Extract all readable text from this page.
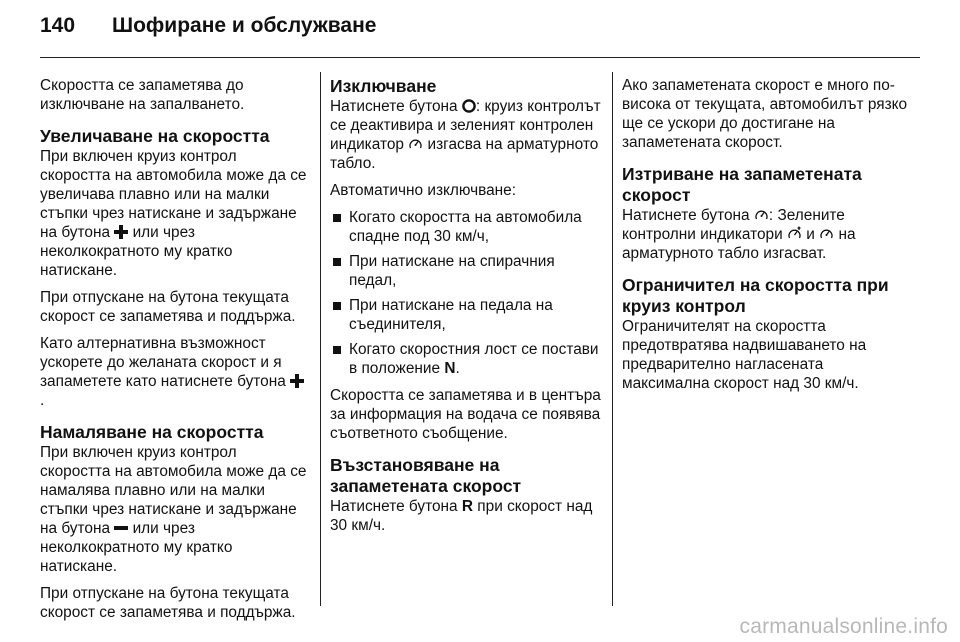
140	Шофиране и обслужване

Скоростта се запаметява до изключване на запалването.

Увеличаване на скоростта

При включен круиз контрол скоростта на автомобила може да се увеличава плавно или на малки стъпки чрез натискане и задържане на бутона или чрез неколкократното му кратко натискане.

При отпускане на бутона текущата скорост се запаметява и поддържа.

Като алтернативна възможност ускорете до желаната скорост и я запаметете като натиснете бутона .

Намаляване на скоростта

При включен круиз контрол скоростта на автомобила може да се намалява плавно или на малки стъпки чрез натискане и задържане на бутона или чрез неколкократното му кратко натискане.

При отпускане на бутона текущата скорост се запаметява и поддържа.

Изключване

Натиснете бутона : круиз контролът се деактивира и зеленият контролен индикатор изгасва на арматурното табло.

Автоматично изключване:

Когато скоростта на автомобила спадне под 30 км/ч,
При натискане на спирачния педал,
При натискане на педала на съединителя,
Когато скоростния лост се постави в положение N.

Скоростта се запаметява и в центъра за информация на водача се появява съответното съобщение.

Възстановяване на запаметената скорост

Натиснете бутона R при скорост над 30 км/ч.

Ако запаметената скорост е много по-висока от текущата, автомобилът рязко ще се ускори до достигане на запаметената скорост.

Изтриване на запаметената скорост

Натиснете бутона : Зелените контролни индикатори и на арматурното табло изгасват.

Ограничител на скоростта при круиз контрол

Ограничителят на скоростта предотвратява надвишаването на предварително нагласената максимална скорост над 30 км/ч.

carmanualsonline.info
